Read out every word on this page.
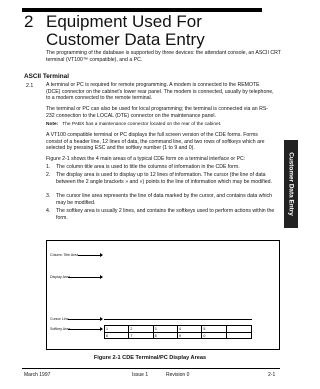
2 Equipment Used For Customer Data Entry
The programming of the database is supported by three devices: the attendant console, an ASCII CRT terminal (VT100™ compatible), and a PC.
ASCII Terminal
2.1 A terminal or PC is required for remote programming. A modem is connected to the REMOTE (DCE) connector on the cabinet's lower rear panel. The modem is connected, usually by telephone, to a modem connected to the remote terminal.
The terminal or PC can also be used for local programming; the terminal is connected via an RS-232 connection to the LOCAL (DTE) connector on the maintenance panel.
Note: The PABX has a maintenance connector located on the rear of the cabinet.
A VT100 compatible terminal or PC displays the full screen version of the CDE forms. Forms consist of a header line, 12 lines of data, the command line, and two rows of softkeys which are selected by pressing ESC and the softkey number (1 to 9 and 0).
Figure 2-1 shows the 4 main areas of a typical CDE form on a terminal interface or PC:
1. The column title area is used to title the columns of information in the CDE form.
2. The display area is used to display up to 12 lines of information. The cursor (the line of data between the 2 angle brackets » and «) points to the line of information which may be modified.
3. The cursor line area represents the line of data marked by the cursor, and contains data which may be modified.
4. The softkey area is usually 2 lines, and contains the softkeys used to perform actions within the form.
Customer Data Entry
Column Title Area
Display Area
Cursor Line
Softkey Area	1	2	3	4	5
6	7	8	9	0
Figure 2-1 CDE Terminal/PC Display Areas
March 1997	Issue 1	Revision 0	2-1
